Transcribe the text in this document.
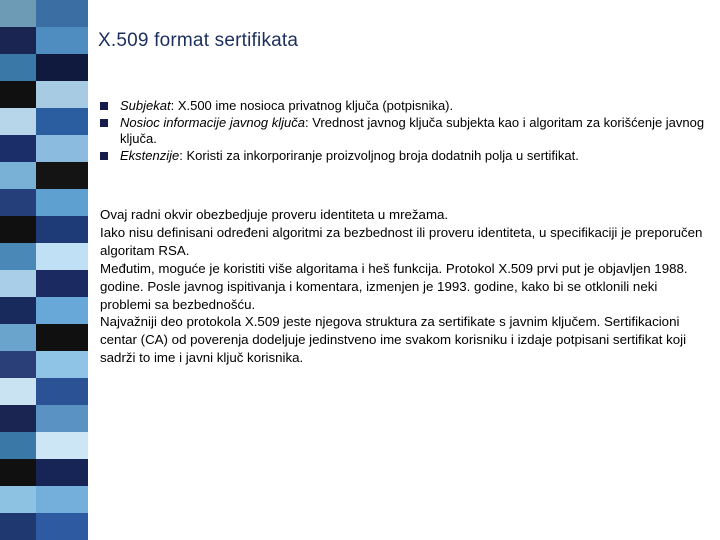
X.509 format sertifikata
Subjekat: X.500 ime nosioca privatnog ključa (potpisnika).
Nosioc informacije javnog ključa: Vrednost javnog ključa subjekta kao i algoritam za korišćenje javnog ključa.
Ekstenzije: Koristi za inkorporiranje proizvoljnog broja dodatnih polja u sertifikat.

Ovaj radni okvir obezbedjuje proveru identiteta u mrežama.

Iako nisu definisani određeni algoritmi za bezbednost ili proveru identiteta, u specifikaciji je preporučen algoritam RSA.

Međutim, moguće je koristiti više algoritama i heš funkcija. Protokol X.509 prvi put je objavljen 1988. godine. Posle javnog ispitivanja i komentara, izmenjen je 1993. godine, kako bi se otklonili neki problemi sa bezbednošću.

Najvažniji deo protokola X.509 jeste njegova struktura za sertifikate s javnim ključem. Sertifikacioni centar (CA) od poverenja dodeljuje jedinstveno ime svakom korisniku i izdaje potpisani sertifikat koji sadrži to ime i javni ključ korisnika.
